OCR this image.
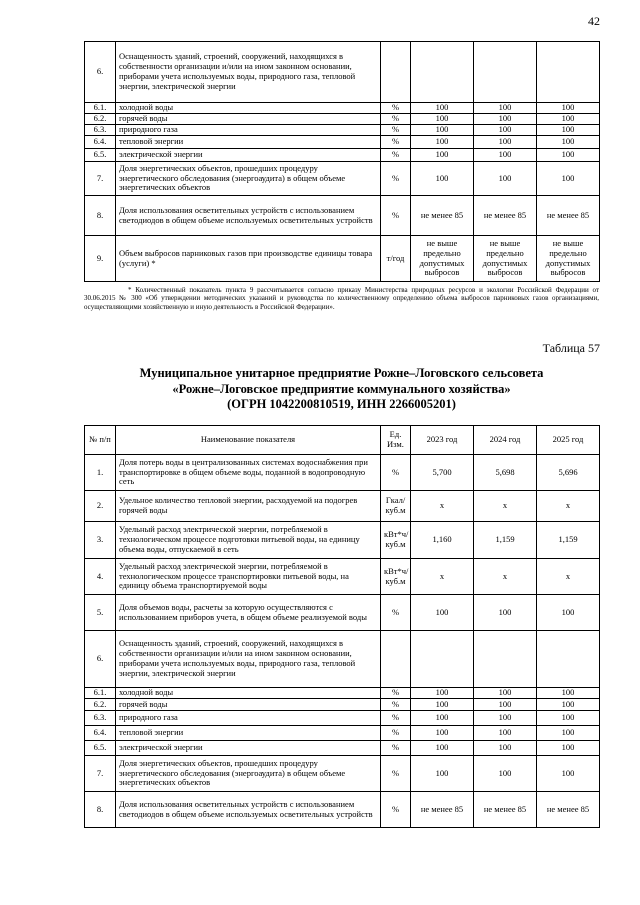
42
6.	Оснащенность зданий, строений, сооружений, находящихся в собственности организации и/или на ином законном основании, приборами учета используемых воды, природного газа, тепловой энергии, электрической энергии				
6.1.	холодной воды	%	100	100	100
6.2.	горячей воды	%	100	100	100
6.3.	природного газа	%	100	100	100
6.4.	тепловой энергии	%	100	100	100
6.5.	электрической энергии	%	100	100	100
7.	Доля энергетических объектов, прошедших процедуру энергетического обследования (энергоаудита) в общем объеме энергетических объектов	%	100	100	100
8.	Доля использования осветительных устройств с использованием светодиодов в общем объеме используемых осветительных устройств	%	не менее 85	не менее 85	не менее 85
9.	Объем выбросов парниковых газов при производстве единицы товара (услуги) *	т/год	не выше предельно допустимых выбросов	не выше предельно допустимых выбросов	не выше предельно допустимых выбросов
* Количественный показатель пункта 9 рассчитывается согласно приказу Министерства природных ресурсов и экологии Российской Федерации от 30.06.2015 № 300 «Об утверждении методических указаний и руководства по количественному определению объема выбросов парниковых газов организациями, осуществляющими хозяйственную и иную деятельность в Российской Федерации».
Таблица 57
Муниципальное унитарное предприятие Рожне–Логовского сельсовета
«Рожне–Логовское предприятие коммунального хозяйства»
(ОГРН 1042200810519, ИНН 2266005201)
№ п/п	Наименование показателя	Ед. Изм.	2023 год	2024 год	2025 год
1.	Доля потерь воды в централизованных системах водоснабжения при транспортировке в общем объеме воды, поданной в водопроводную сеть	%	5,700	5,698	5,696
2.	Удельное количество тепловой энергии, расходуемой на подогрев горячей воды	Гкал/ куб.м	х	х	х
3.	Удельный расход электрической энергии, потребляемой в технологическом процессе подготовки питьевой воды, на единицу объема воды, отпускаемой в сеть	кВт*ч/ куб.м	1,160	1,159	1,159
4.	Удельный расход электрической энергии, потребляемой в технологическом процессе транспортировки питьевой воды, на единицу объема транспортируемой воды	кВт*ч/ куб.м	х	х	х
5.	Доля объемов воды, расчеты за которую осуществляются с использованием приборов учета, в общем объеме реализуемой воды	%	100	100	100
6.	Оснащенность зданий, строений, сооружений, находящихся в собственности организации и/или на ином законном основании, приборами учета используемых воды, природного газа, тепловой энергии, электрической энергии				
6.1.	холодной воды	%	100	100	100
6.2.	горячей воды	%	100	100	100
6.3.	природного газа	%	100	100	100
6.4.	тепловой энергии	%	100	100	100
6.5.	электрической энергии	%	100	100	100
7.	Доля энергетических объектов, прошедших процедуру энергетического обследования (энергоаудита) в общем объеме энергетических объектов	%	100	100	100
8.	Доля использования осветительных устройств с использованием светодиодов в общем объеме используемых осветительных устройств	%	не менее 85	не менее 85	не менее 85
